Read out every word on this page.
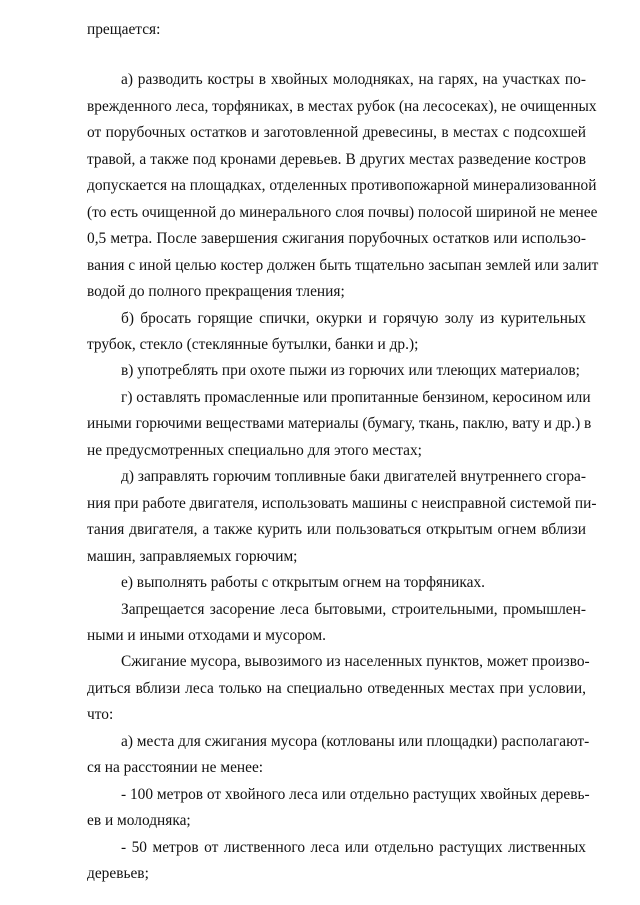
прещается:
а) разводить костры в хвойных молодняках, на гарях, на участках по-
врежденного леса, торфяниках, в местах рубок (на лесосеках), не очищенных
от порубочных остатков и заготовленной древесины, в местах с подсохшей
травой, а также под кронами деревьев. В других местах разведение костров
допускается на площадках, отделенных противопожарной минерализованной
(то есть очищенной до минерального слоя почвы) полосой шириной не менее
0,5 метра. После завершения сжигания порубочных остатков или использо-
вания с иной целью костер должен быть тщательно засыпан землей или залит
водой до полного прекращения тления;
б) бросать горящие спички, окурки и горячую золу из курительных
трубок, стекло (стеклянные бутылки, банки и др.);
в) употреблять при охоте пыжи из горючих или тлеющих материалов;
г) оставлять промасленные или пропитанные бензином, керосином или
иными горючими веществами материалы (бумагу, ткань, паклю, вату и др.) в
не предусмотренных специально для этого местах;
д) заправлять горючим топливные баки двигателей внутреннего сгора-
ния при работе двигателя, использовать машины с неисправной системой пи-
тания двигателя, а также курить или пользоваться открытым огнем вблизи
машин, заправляемых горючим;
е) выполнять работы с открытым огнем на торфяниках.
Запрещается засорение леса бытовыми, строительными, промышлен-
ными и иными отходами и мусором.
Сжигание мусора, вывозимого из населенных пунктов, может произво-
диться вблизи леса только на специально отведенных местах при условии,
что:
а) места для сжигания мусора (котлованы или площадки) располагают-
ся на расстоянии не менее:
- 100 метров от хвойного леса или отдельно растущих хвойных деревь-
ев и молодняка;
- 50 метров от лиственного леса или отдельно растущих лиственных
деревьев;
